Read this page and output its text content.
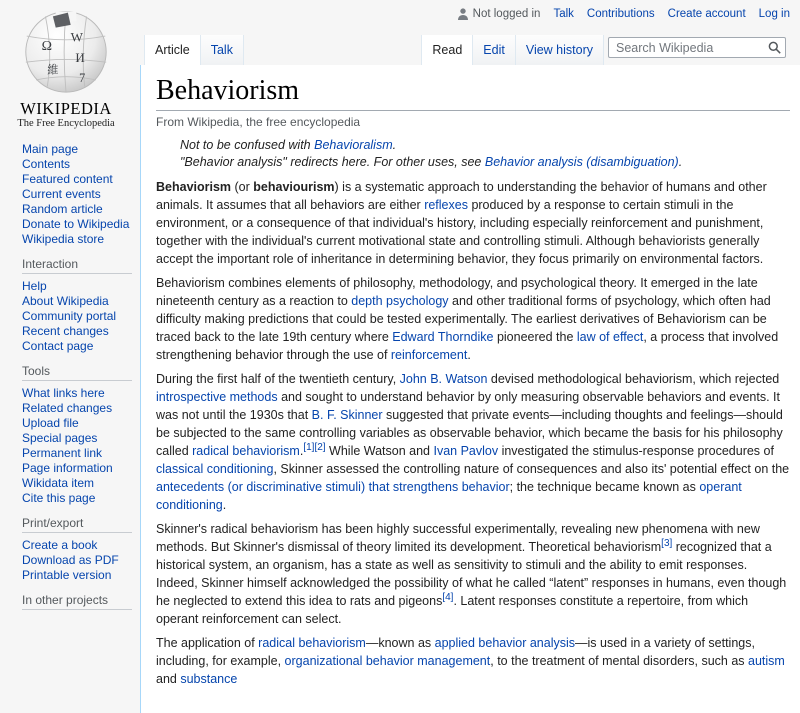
Not logged in	Talk Contributions Create account Log in
Ω
W
И
7
維
WIKIPEDIA
The Free Encyclopedia
Main page
Contents
Featured content
Current events
Random article
Donate to Wikipedia
Wikipedia store
Interaction
Help
About Wikipedia
Community portal
Recent changes
Contact page
Tools
What links here
Related changes
Upload file
Special pages
Permanent link
Page information
Wikidata item
Cite this page
Print/export
Create a book
Download as PDF
Printable version
In other projects
Article	Talk	Read	Edit	View history
Search Wikipedia
Behaviorism
From Wikipedia, the free encyclopedia
Not to be confused with Behavioralism.
"Behavior analysis" redirects here. For other uses, see Behavior analysis (disambiguation).

Behaviorism (or behaviourism) is a systematic approach to understanding the behavior of humans and other animals. It assumes that all behaviors are either reflexes produced by a response to certain stimuli in the environment, or a consequence of that individual's history, including especially reinforcement and punishment, together with the individual's current motivational state and controlling stimuli. Although behaviorists generally accept the important role of inheritance in determining behavior, they focus primarily on environmental factors.

Behaviorism combines elements of philosophy, methodology, and psychological theory. It emerged in the late nineteenth century as a reaction to depth psychology and other traditional forms of psychology, which often had difficulty making predictions that could be tested experimentally. The earliest derivatives of Behaviorism can be traced back to the late 19th century where Edward Thorndike pioneered the law of effect, a process that involved strengthening behavior through the use of reinforcement.

During the first half of the twentieth century, John B. Watson devised methodological behaviorism, which rejected introspective methods and sought to understand behavior by only measuring observable behaviors and events. It was not until the 1930s that B. F. Skinner suggested that private events—including thoughts and feelings—should be subjected to the same controlling variables as observable behavior, which became the basis for his philosophy called radical behaviorism.[1][2] While Watson and Ivan Pavlov investigated the stimulus-response procedures of classical conditioning, Skinner assessed the controlling nature of consequences and also its' potential effect on the antecedents (or discriminative stimuli) that strengthens behavior; the technique became known as operant conditioning.

Skinner's radical behaviorism has been highly successful experimentally, revealing new phenomena with new methods. But Skinner's dismissal of theory limited its development. Theoretical behaviorism[3] recognized that a historical system, an organism, has a state as well as sensitivity to stimuli and the ability to emit responses. Indeed, Skinner himself acknowledged the possibility of what he called “latent” responses in humans, even though he neglected to extend this idea to rats and pigeons[4]. Latent responses constitute a repertoire, from which operant reinforcement can select.

The application of radical behaviorism—known as applied behavior analysis—is used in a variety of settings, including, for example, organizational behavior management, to the treatment of mental disorders, such as autism and substance
